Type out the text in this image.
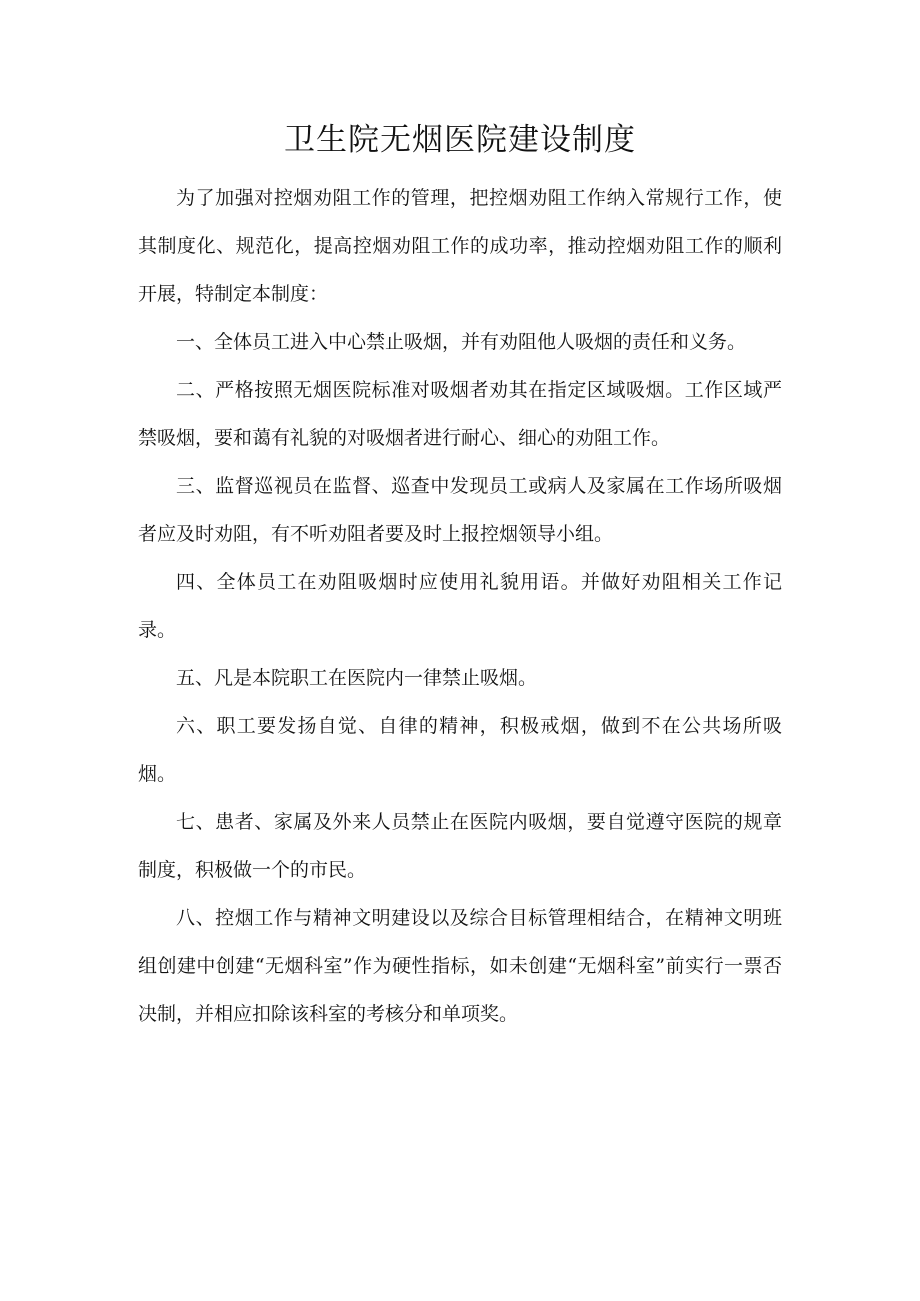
卫生院无烟医院建设制度

为了加强对控烟劝阻工作的管理，把控烟劝阻工作纳入常规行工作，使其制度化、规范化，提高控烟劝阻工作的成功率，推动控烟劝阻工作的顺利开展，特制定本制度：

一、全体员工进入中心禁止吸烟，并有劝阻他人吸烟的责任和义务。

二、严格按照无烟医院标准对吸烟者劝其在指定区域吸烟。工作区域严禁吸烟，要和蔼有礼貌的对吸烟者进行耐心、细心的劝阻工作。

三、监督巡视员在监督、巡查中发现员工或病人及家属在工作场所吸烟者应及时劝阻，有不听劝阻者要及时上报控烟领导小组。

四、全体员工在劝阻吸烟时应使用礼貌用语。并做好劝阻相关工作记录。

五、凡是本院职工在医院内一律禁止吸烟。

六、职工要发扬自觉、自律的精神，积极戒烟，做到不在公共场所吸烟。

七、患者、家属及外来人员禁止在医院内吸烟，要自觉遵守医院的规章制度，积极做一个的市民。

八、控烟工作与精神文明建设以及综合目标管理相结合，在精神文明班组创建中创建“无烟科室”作为硬性指标，如未创建“无烟科室”前实行一票否决制，并相应扣除该科室的考核分和单项奖。
